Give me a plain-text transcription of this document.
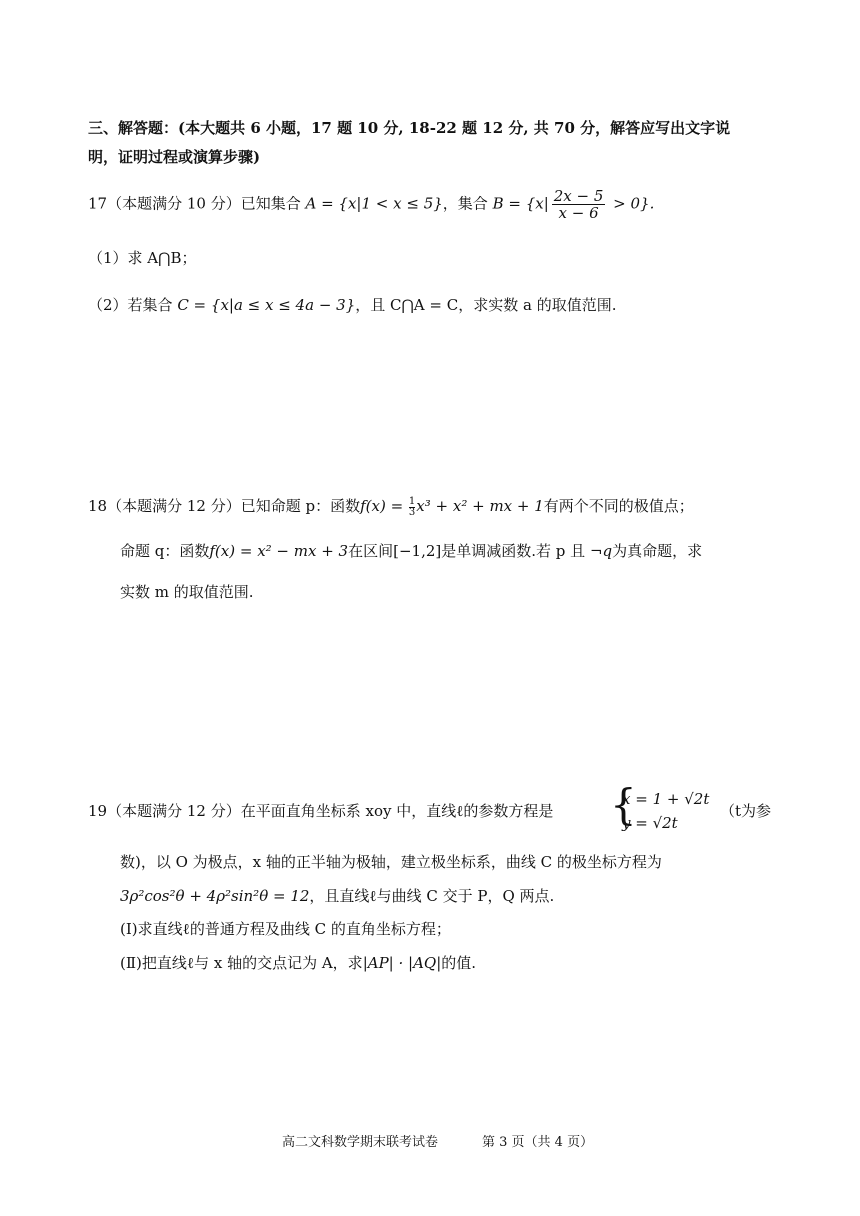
三、解答题：(本大题共 6 小题，17 题 10 分, 18-22 题 12 分, 共 70 分，解答应写出文字说
明，证明过程或演算步骤)
17（本题满分 10 分）已知集合 A = {x|1 < x ≤ 5}，集合 $B = \{x| \frac{2x - 5}{x - 6} > 0\}$.
（1）求 A⋂B；
（2）若集合 C = {x|a ≤ x ≤ 4a − 3}，且 C⋂A = C，求实数 a 的取值范围.
18（本题满分 12 分）已知命题 p：函数$f(x) = \frac{1}{3} x^3 + x^2$ + mx + 1有两个不同的极值点；
命题 q：函数f(x) = x² − mx + 3在区间[−1,2]是单调减函数.若 p 且 ¬q为真命题，求
实数 m 的取值范围.
19（本题满分 12 分）在平面直角坐标系 xoy 中，直线ℓ的参数方程是 {
x = 1 + √2t
y = √2t
（t为参
数)，以 O 为极点，x 轴的正半轴为极轴，建立极坐标系，曲线 C 的极坐标方程为
3ρ²cos²θ + 4ρ²sin²θ = 12，且直线ℓ与曲线 C 交于 P，Q 两点.
(Ⅰ)求直线ℓ的普通方程及曲线 C 的直角坐标方程；
(Ⅱ)把直线ℓ与 x 轴的交点记为 A，求|AP| · |AQ|的值.
高二文科数学期末联考试卷	第 3 页（共 4 页）
